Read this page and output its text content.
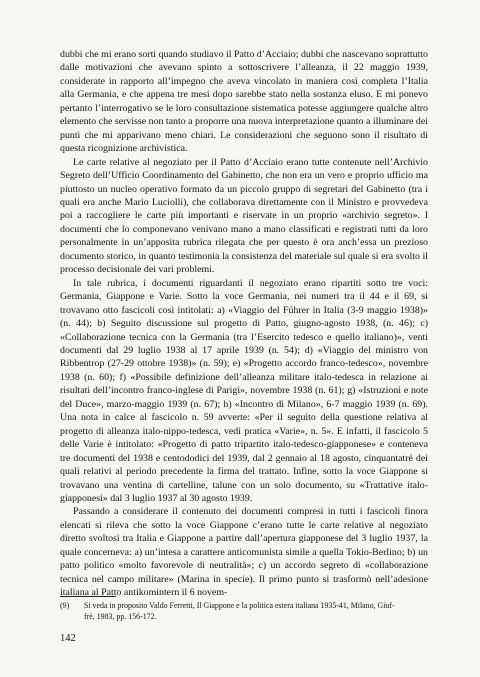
dubbi che mi erano sorti quando studiavo il Patto d’Acciaio; dubbi che nascevano soprattutto dalle motivazioni che avevano spinto a sottoscrivere l’alleanza, il 22 maggio 1939, considerate in rapporto all’impegno che aveva vincolato in maniera così completa l’Italia alla Germania, e che appena tre mesi dopo sarebbe stato nella sostanza eluso. E mi ponevo pertanto l’interrogativo se le loro consultazione sistematica potesse aggiungere qualche altro elemento che servisse non tanto a proporre una nuova interpretazione quanto a illuminare dei punti che mi apparivano meno chiari. Le considerazioni che seguono sono il risultato di questa ricognizione archivistica.

Le carte relative al negoziato per il Patto d’Acciaio erano tutte contenute nell’Archivio Segreto dell’Ufficio Coordinamento del Gabinetto, che non era un vero e proprio ufficio ma piuttosto un nucleo operativo formato da un piccolo gruppo di segretari del Gabinetto (tra i quali era anche Mario Luciolli), che collaborava direttamente con il Ministro e provvedeva poi a raccogliere le carte più importanti e riservate in un proprio «archivio segreto». I documenti che lo componevano venivano mano a mano classificati e registrati tutti da loro personalmente in un’apposita rubrica rilegata che per questo è ora anch’essa un prezioso documento storico, in quanto testimonia la consistenza del materiale sul quale si era svolto il processo decisionale dei vari problemi.

In tale rubrica, i documenti riguardanti il negoziato erano ripartiti sotto tre voci: Germania, Giappone e Varie. Sotto la voce Germania, nei numeri tra il 44 e il 69, si trovavano otto fascicoli così intitolati: a) «Viaggio del Führer in Italia (3-9 maggio 1938)» (n. 44); b) Seguito discussione sul progetto di Patto, giugno-agosto 1938, (n. 46); c) «Collaborazione tecnica con la Germania (tra l’Esercito tedesco e quello italiano)», venti documenti dal 29 luglio 1938 al 17 aprile 1939 (n. 54); d) «Viaggio del ministro von Ribbentrop (27-29 ottobre 1938)» (n. 59); e) «Progetto accordo franco-tedesco», novembre 1938 (n. 60); f) «Possibile definizione dell’alleanza militare italo-tedesca in relazione ai risultati dell’incontro franco-inglese di Parigi», novembre 1938 (n. 61); g) «Istruzioni e note del Duce», marzo-maggio 1939 (n. 67); h) «Incontro di Milano», 6-7 maggio 1939 (n. 69). Una nota in calce al fascicolo n. 59 avverte: «Per il seguito della questione relativa al progetto di alleanza italo-nippo-tedesca, vedi pratica «Varie», n. 5». E infatti, il fascicolo 5 delle Varie è intitolato: «Progetto di patto tripartito italo-tedesco-giapponese» e conteneva tre documenti del 1938 e centododici del 1939, dal 2 gennaio al 18 agosto, cinquantatré dei quali relativi al periodo precedente la firma del trattato. Infine, sotto la voce Giappone si trovavano una ventina di cartelline, talune con un solo documento, su «Trattative italo-giapponesi» dal 3 luglio 1937 al 30 agosto 1939.

Passando a considerare il contenuto dei documenti compresi in tutti i fascicoli finora elencati si rileva che sotto la voce Giappone c’erano tutte le carte relative al negoziato diretto svoltosi tra Italia e Giappone a partire dall’apertura giapponese del 3 luglio 1937, la quale concerneva: a) un’intesa a carattere anticomunista simile a quella Tokio-Berlino; b) un patto politico «molto favorevole di neutralità»; c) un accordo segreto di «collaborazione tecnica nel campo militare» (Marina in specie). Il primo punto si trasformò nell’adesione italiana al Patto antikomintern il 6 novem-

(9) Si veda in proposito Valdo Ferretti, Il Giappone e la politica estera italiana 1935-41, Milano, Giuf-
frè, 1983, pp. 156-172.
142
